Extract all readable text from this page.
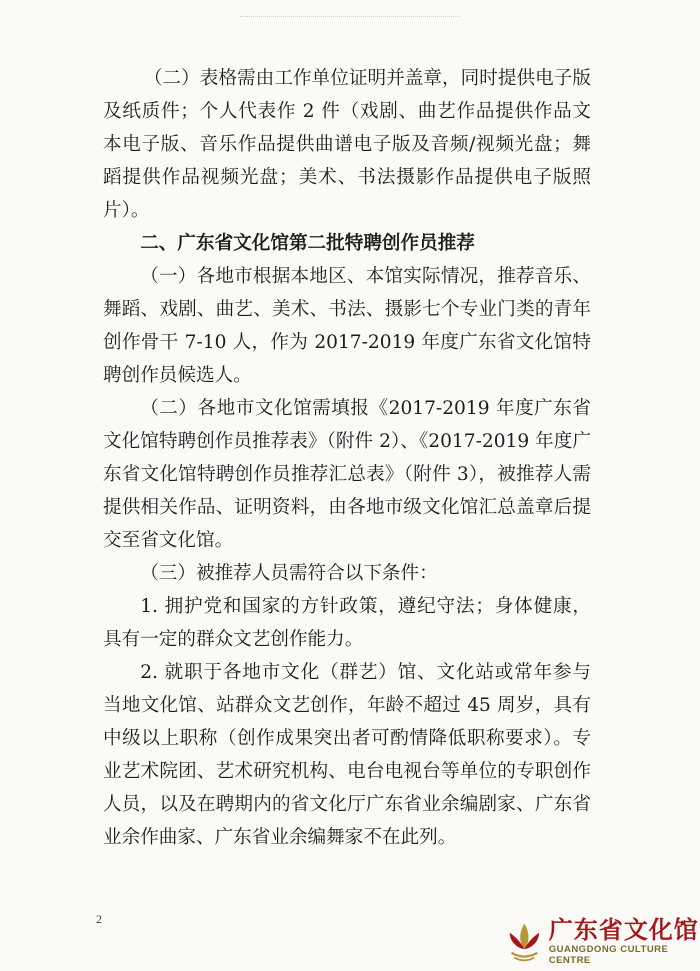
（二）表格需由工作单位证明并盖章，同时提供电子版及纸质件；个人代表作 2 件（戏剧、曲艺作品提供作品文本电子版、音乐作品提供曲谱电子版及音频/视频光盘；舞蹈提供作品视频光盘；美术、书法摄影作品提供电子版照片）。

二、广东省文化馆第二批特聘创作员推荐

（一）各地市根据本地区、本馆实际情况，推荐音乐、舞蹈、戏剧、曲艺、美术、书法、摄影七个专业门类的青年创作骨干 7-10 人，作为 2017-2019 年度广东省文化馆特聘创作员候选人。

（二）各地市文化馆需填报《2017-2019 年度广东省文化馆特聘创作员推荐表》（附件 2）、《2017-2019 年度广东省文化馆特聘创作员推荐汇总表》（附件 3），被推荐人需提供相关作品、证明资料，由各地市级文化馆汇总盖章后提交至省文化馆。

（三）被推荐人员需符合以下条件：

1. 拥护党和国家的方针政策，遵纪守法；身体健康，具有一定的群众文艺创作能力。

2. 就职于各地市文化（群艺）馆、文化站或常年参与当地文化馆、站群众文艺创作，年龄不超过 45 周岁，具有中级以上职称（创作成果突出者可酌情降低职称要求）。专业艺术院团、艺术研究机构、电台电视台等单位的专职创作人员，以及在聘期内的省文化厅广东省业余编剧家、广东省业余作曲家、广东省业余编舞家不在此列。

2	广东省文化馆
GUANGDONG CULTURE CENTRE
